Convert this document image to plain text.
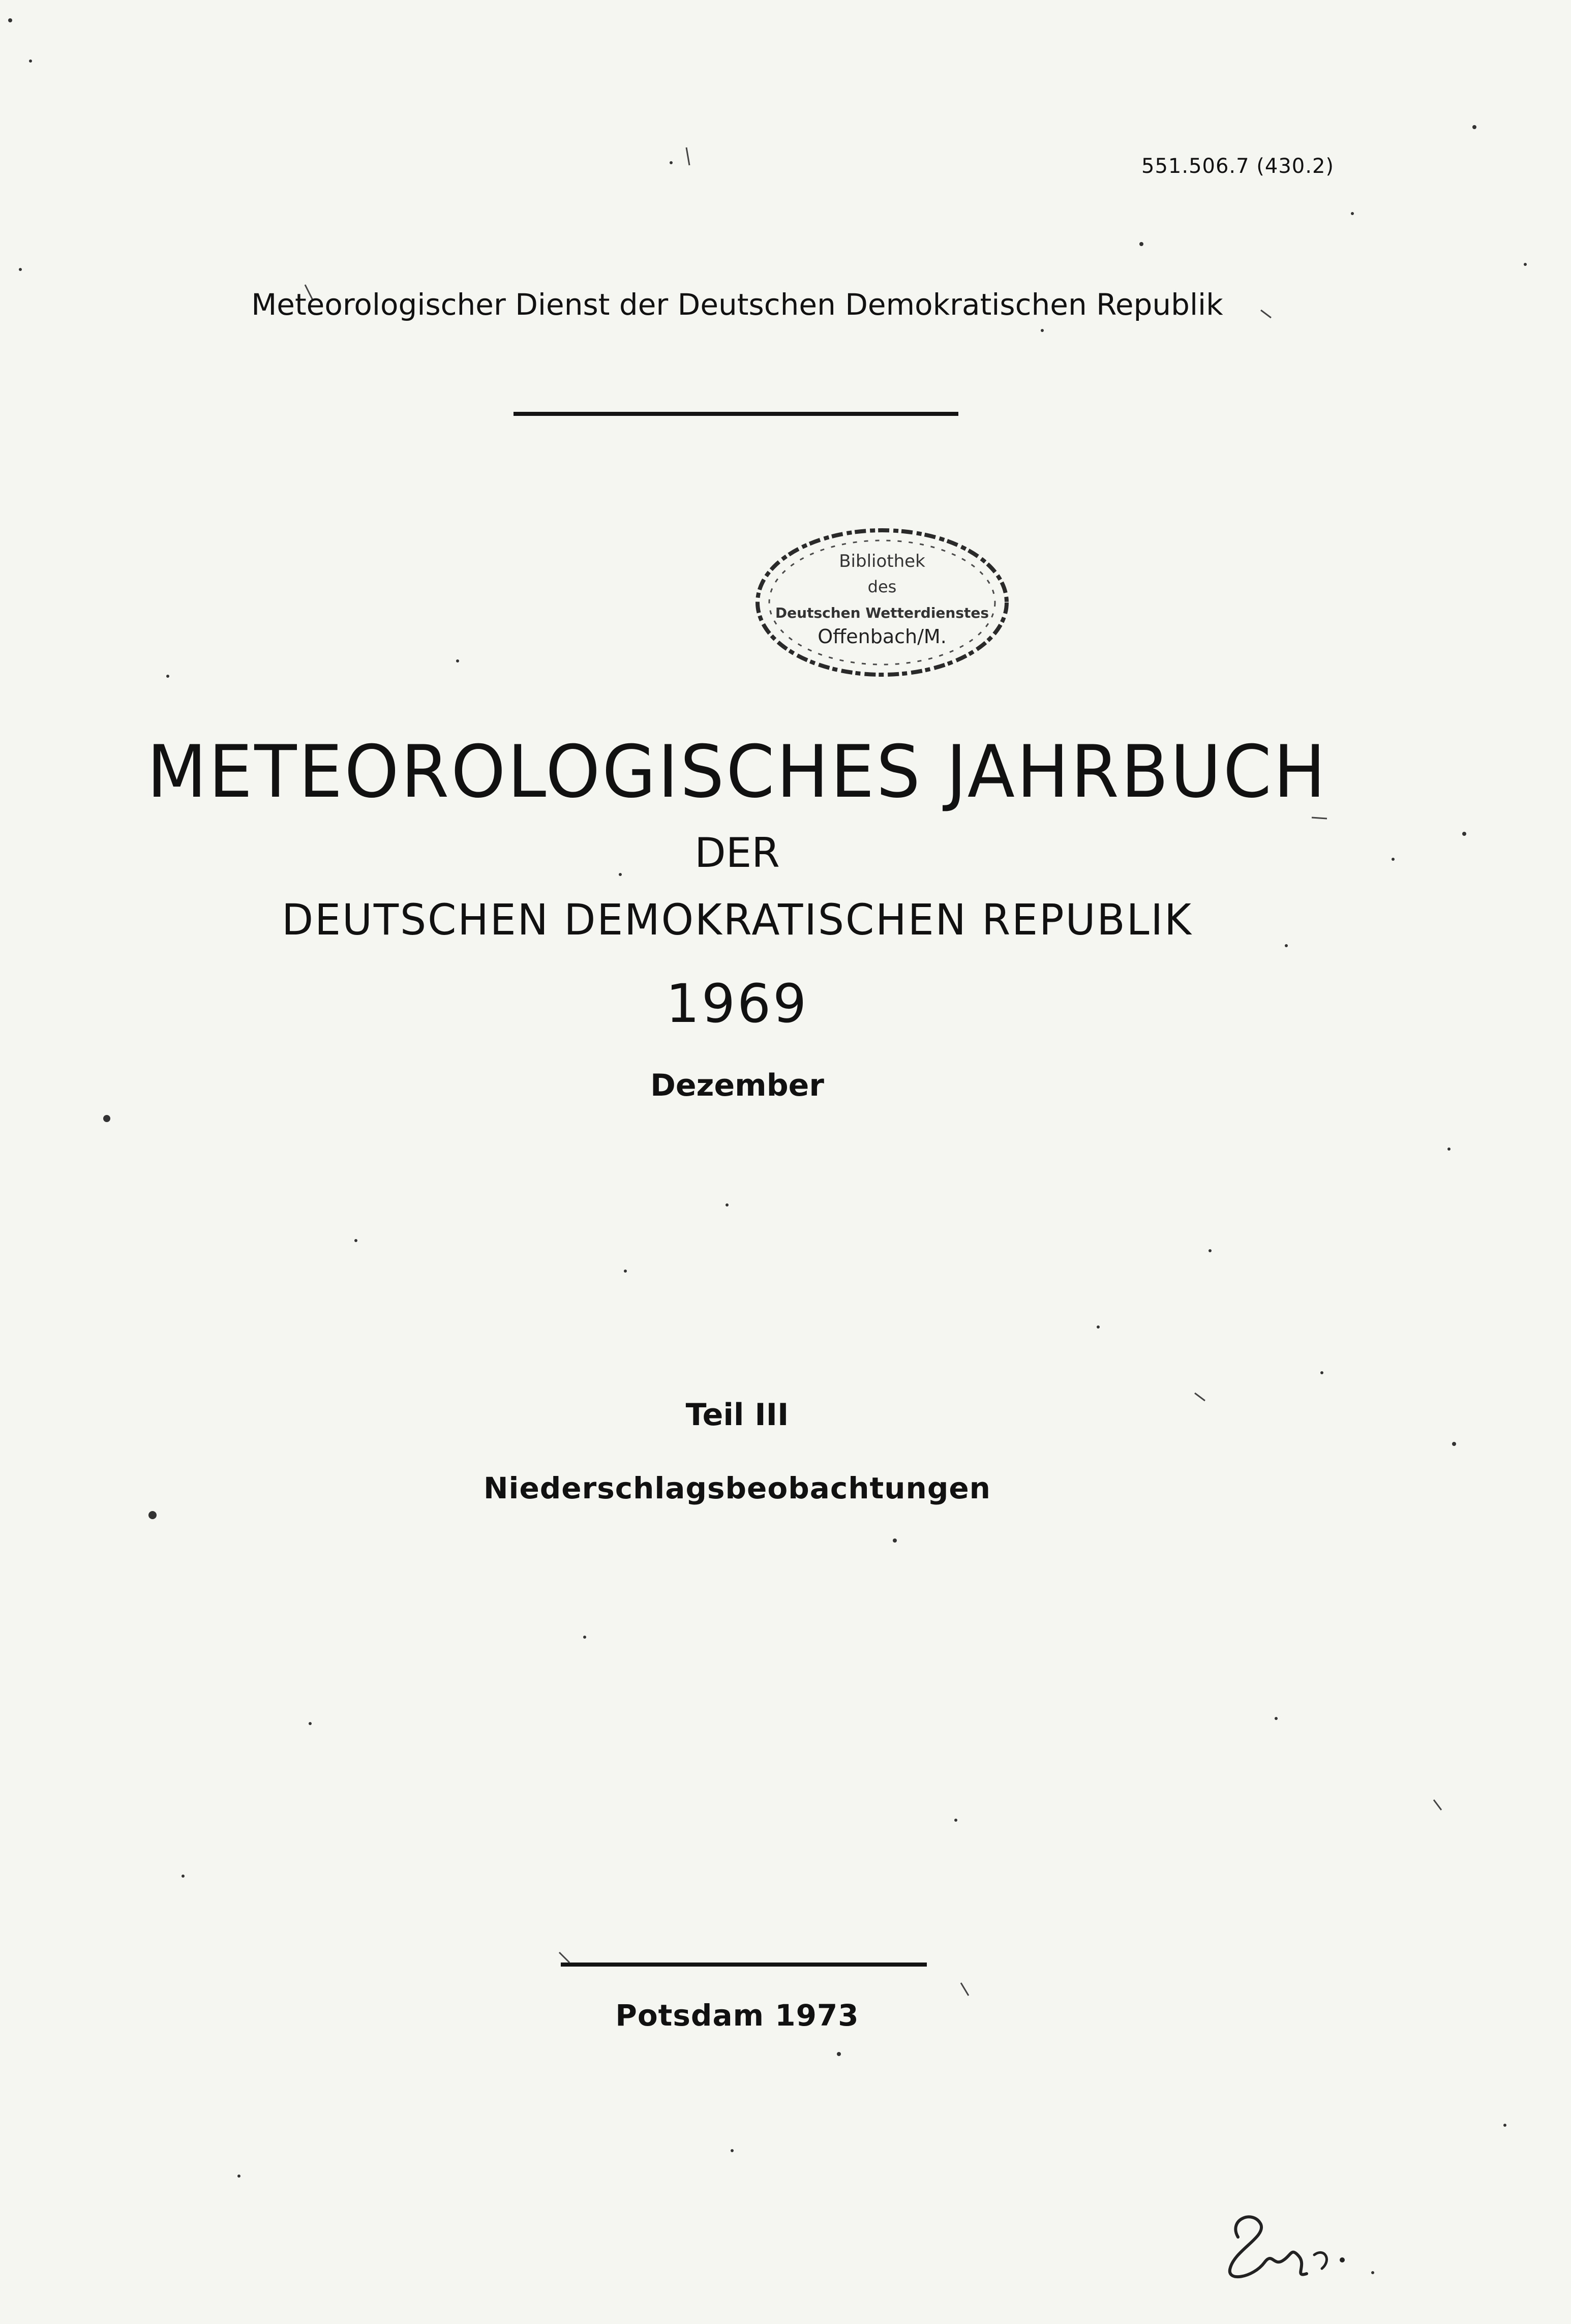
551.506.7 (430.2)
Meteorologischer Dienst der Deutschen Demokratischen Republik
Bibliothek
des
Deutschen Wetterdienstes
Offenbach/M.
METEOROLOGISCHES JAHRBUCH
DER
DEUTSCHEN DEMOKRATISCHEN REPUBLIK
1969
Dezember
Teil III
Niederschlagsbeobachtungen
Potsdam 1973
